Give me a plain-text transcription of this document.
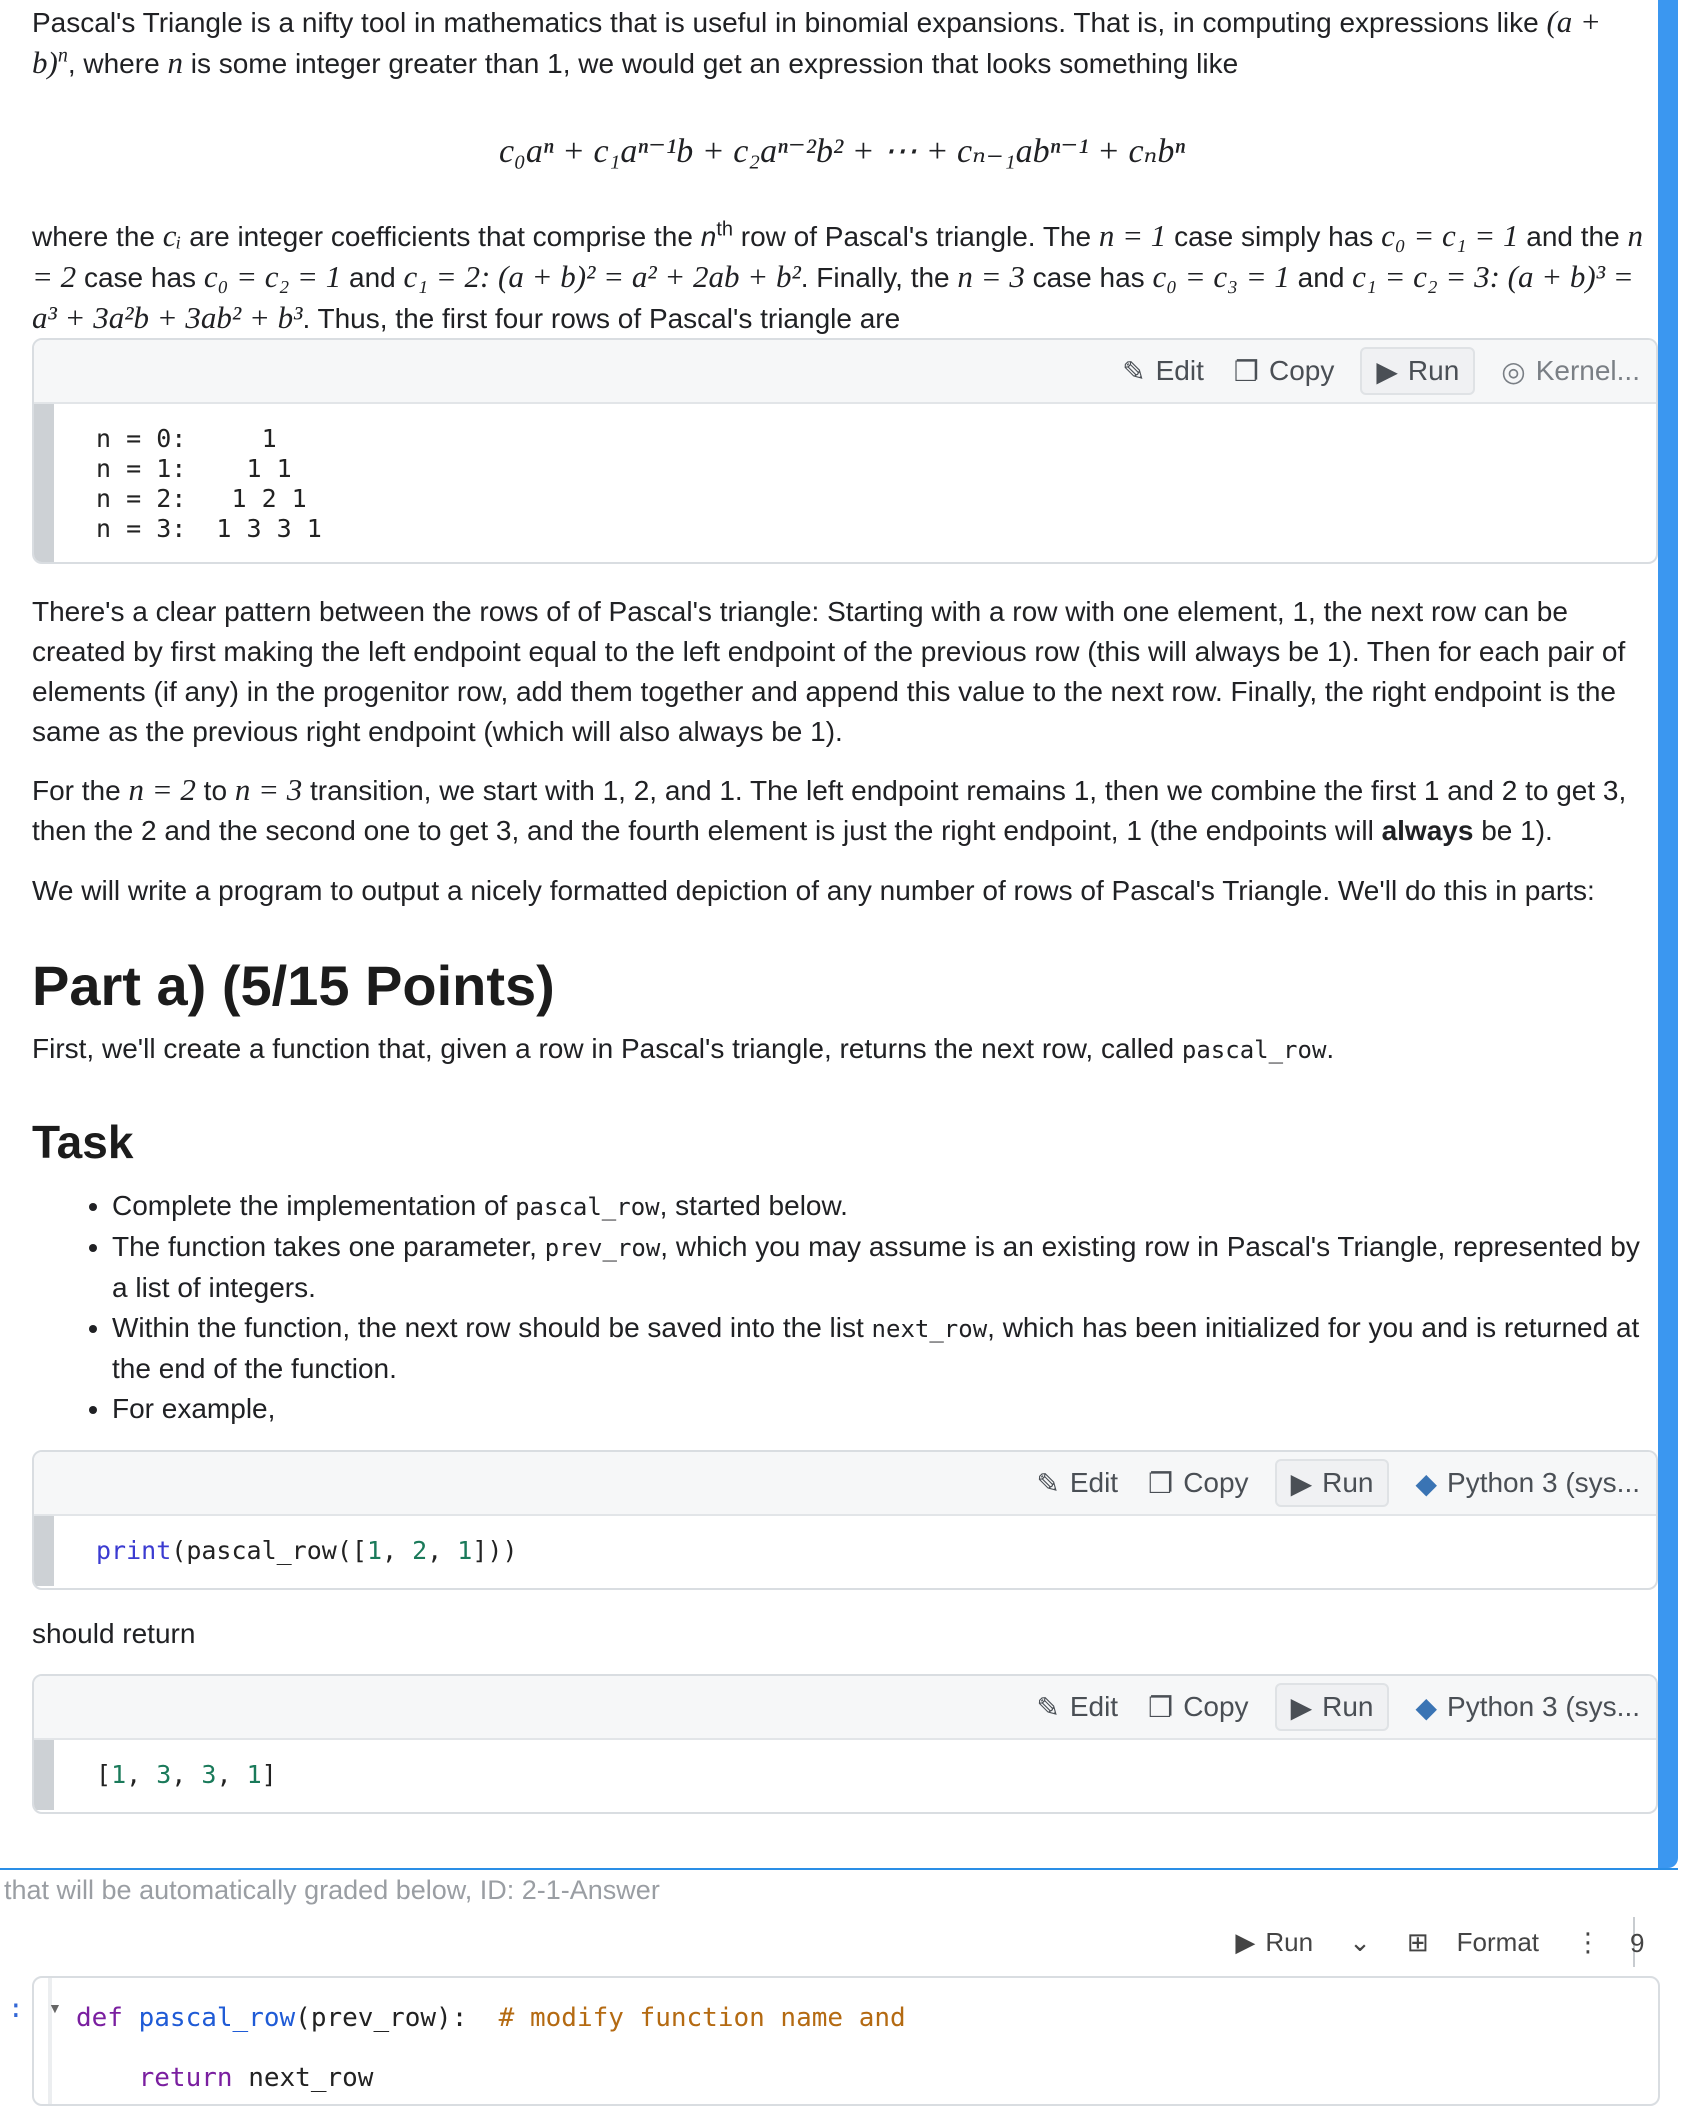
Pascal's Triangle is a nifty tool in mathematics that is useful in binomial expansions. That is, in computing expressions like $(a + b)^n$, where n is some integer greater than 1, we would get an expression that looks something like

c₀aⁿ + c₁aⁿ⁻¹b + c₂aⁿ⁻²b² + ⋯ + cₙ₋₁abⁿ⁻¹ + cₙbⁿ

where the cᵢ are integer coefficients that comprise the $n^{th}$ row of Pascal's triangle. The n = 1 case simply has c₀ = c₁ = 1 and the n = 2 case has c₀ = c₂ = 1 and c₁ = 2: (a + b)² = a² + 2ab + b². Finally, the n = 3 case has c₀ = c₃ = 1 and c₁ = c₂ = 3: (a + b)³ = a³ + 3a²b + 3ab² + b³. Thus, the first four rows of Pascal's triangle are

✎ Edit ❐ Copy ▶ Run ◎ Kernel...
n = 0:     1
n = 1:    1 1
n = 2:   1 2 1
n = 3:  1 3 3 1

There's a clear pattern between the rows of of Pascal's triangle: Starting with a row with one element, 1, the next row can be created by first making the left endpoint equal to the left endpoint of the previous row (this will always be 1). Then for each pair of elements (if any) in the progenitor row, add them together and append this value to the next row. Finally, the right endpoint is the same as the previous right endpoint (which will also always be 1).

For the n = 2 to n = 3 transition, we start with 1, 2, and 1. The left endpoint remains 1, then we combine the first 1 and 2 to get 3, then the 2 and the second one to get 3, and the fourth element is just the right endpoint, 1 (the endpoints will always be 1).

We will write a program to output a nicely formatted depiction of any number of rows of Pascal's Triangle. We'll do this in parts:

Part a) (5/15 Points)

First, we'll create a function that, given a row in Pascal's triangle, returns the next row, called pascal_row.

Task
• Complete the implementation of pascal_row, started below.
• The function takes one parameter, prev_row, which you may assume is an existing row in Pascal's Triangle, represented by a list of integers.
• Within the function, the next row should be saved into the list next_row, which has been initialized for you and is returned at the end of the function.
• For example,
✎ Edit ❐ Copy ▶ Run ◆ Python 3 (sys...
print(pascal_row([1, 2, 1]))

should return

✎ Edit ❐ Copy ▶ Run ◆ Python 3 (sys...
[1, 3, 3, 1]
that will be automatically graded below, ID: 2-1-Answer
▶ Run ⌄ ⊞ Format ⋮ 9
: ▼ def pascal_row(prev_row): # modify function name and
return next_row
